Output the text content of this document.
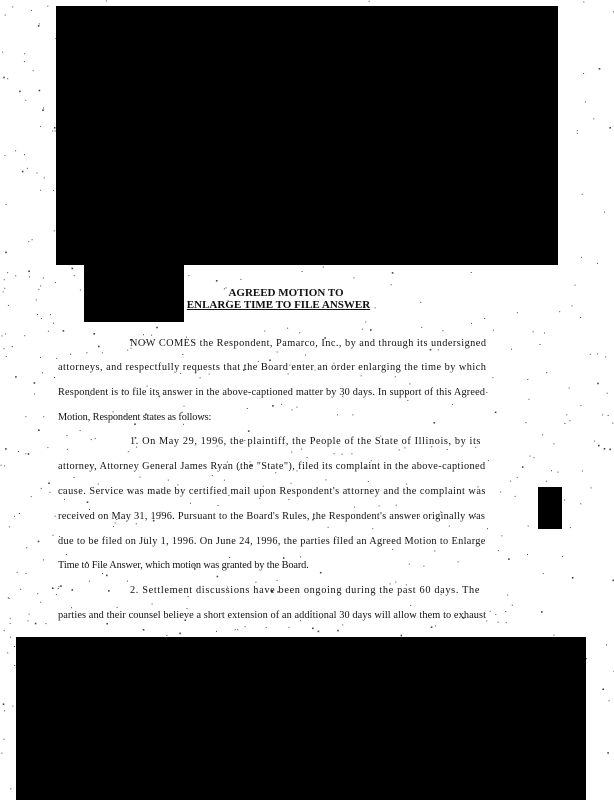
AGREED MOTION TO
ENLARGE TIME TO FILE ANSWER
NOW COMES the Respondent, Pamarco, Inc., by and through its undersigned
attorneys, and respectfully requests that the Board enter an order enlarging the time by which
Respondent is to file its answer in the above-captioned matter by 30 days. In support of this Agreed
Motion, Respondent states as follows:
1. On May 29, 1996, the plaintiff, the People of the State of Illinois, by its
attorney, Attorney General James Ryan (the "State"), filed its complaint in the above-captioned
cause. Service was made by certified mail upon Respondent's attorney and the complaint was
received on May 31, 1996. Pursuant to the Board's Rules, the Respondent's answer originally was
due to be filed on July 1, 1996. On June 24, 1996, the parties filed an Agreed Motion to Enlarge
Time to File Answer, which motion was granted by the Board.
2. Settlement discussions have been ongoing during the past 60 days. The
parties and their counsel believe a short extension of an additional 30 days will allow them to exhaust
